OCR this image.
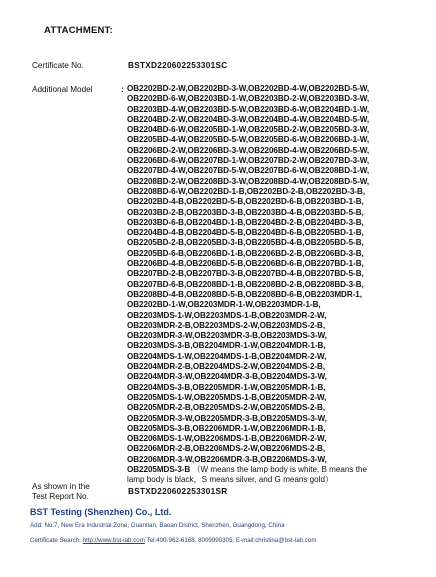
ATTACHMENT:
Certificate No.	BSTXD220602253301SC
Additional Model	OB2202BD-2-W,OB2202BD-3-W,OB2202BD-4-W,OB2202BD-5-W,
OB2202BD-6-W,OB2203BD-1-W,OB2203BD-2-W,OB2203BD-3-W,
OB2203BD-4-W,OB2203BD-5-W,OB2203BD-6-W,OB2204BD-1-W,
OB2204BD-2-W,OB2204BD-3-W,OB2204BD-4-W,OB2204BD-5-W,
OB2204BD-6-W,OB2205BD-1-W,OB2205BD-2-W,OB2205BD-3-W,
OB2205BD-4-W,OB2205BD-5-W,OB2205BD-6-W,OB2206BD-1-W,
OB2206BD-2-W,OB2206BD-3-W,OB2206BD-4-W,OB2206BD-5-W,
OB2206BD-6-W,OB2207BD-1-W,OB2207BD-2-W,OB2207BD-3-W,
OB2207BD-4-W,OB2207BD-5-W,OB2207BD-6-W,OB2208BD-1-W,
OB2208BD-2-W,OB2208BD-3-W,OB2208BD-4-W,OB2208BD-5-W,
OB2208BD-6-W,OB2202BD-1-B,OB2202BD-2-B,OB2202BD-3-B,
OB2202BD-4-B,OB2202BD-5-B,OB2202BD-6-B,OB2203BD-1-B,
OB2203BD-2-B,OB2203BD-3-B,OB2203BD-4-B,OB2203BD-5-B,
OB2203BD-6-B,OB2204BD-1-B,OB2204BD-2-B,OB2204BD-3-B,
OB2204BD-4-B,OB2204BD-5-B,OB2204BD-6-B,OB2205BD-1-B,
OB2205BD-2-B,OB2205BD-3-B,OB2205BD-4-B,OB2205BD-5-B,
OB2205BD-6-B,OB2206BD-1-B,OB2206BD-2-B,OB2206BD-3-B,
OB2206BD-4-B,OB2206BD-5-B,OB2206BD-6-B,OB2207BD-1-B,
OB2207BD-2-B,OB2207BD-3-B,OB2207BD-4-B,OB2207BD-5-B,
OB2207BD-6-B,OB2208BD-1-B,OB2208BD-2-B,OB2208BD-3-B,
OB2208BD-4-B,OB2208BD-5-B,OB2208BD-6-B,OB2203MDR-1,
OB2202BD-1-W,OB2203MDR-1-W,OB2203MDR-1-B,
OB2203MDS-1-W,OB2203MDS-1-B,OB2203MDR-2-W,
OB2203MDR-2-B,OB2203MDS-2-W,OB2203MDS-2-B,
OB2203MDR-3-W,OB2203MDR-3-B,OB2203MDS-3-W,
OB2203MDS-3-B,OB2204MDR-1-W,OB2204MDR-1-B,
OB2204MDS-1-W,OB2204MDS-1-B,OB2204MDR-2-W,
OB2204MDR-2-B,OB2204MDS-2-W,OB2204MDS-2-B,
OB2204MDR-3-W,OB2204MDR-3-B,OB2204MDS-3-W,
OB2204MDS-3-B,OB2205MDR-1-W,OB2205MDR-1-B,
OB2205MDS-1-W,OB2205MDS-1-B,OB2205MDR-2-W,
OB2205MDR-2-B,OB2205MDS-2-W,OB2205MDS-2-B,
OB2205MDR-3-W,OB2205MDR-3-B,OB2205MDS-3-W,
OB2205MDS-3-B,OB2206MDR-1-W,OB2206MDR-1-B,
OB2206MDS-1-W,OB2206MDS-1-B,OB2206MDR-2-W,
OB2206MDR-2-B,OB2206MDS-2-W,OB2206MDS-2-B,
OB2206MDR-3-W,OB2206MDR-3-B,OB2206MDS-3-W,
OB2205MDS-3-B （W means the lamp body is white, B means the
lamp body is black，S means silver, and G means gold）
As shown in the
Test Report No.
BSTXD220602253301SR
BST Testing (Shenzhen) Co., Ltd.
Add: No.7, New Era Industrial Zone, Guantian, Baoan District, Shenzhen, Guangdong, China
Certificate Search: http://www.bst-lab.com Tel:400-962-6168, 8009990305, E-mail:christina@bst-lab.com
:
